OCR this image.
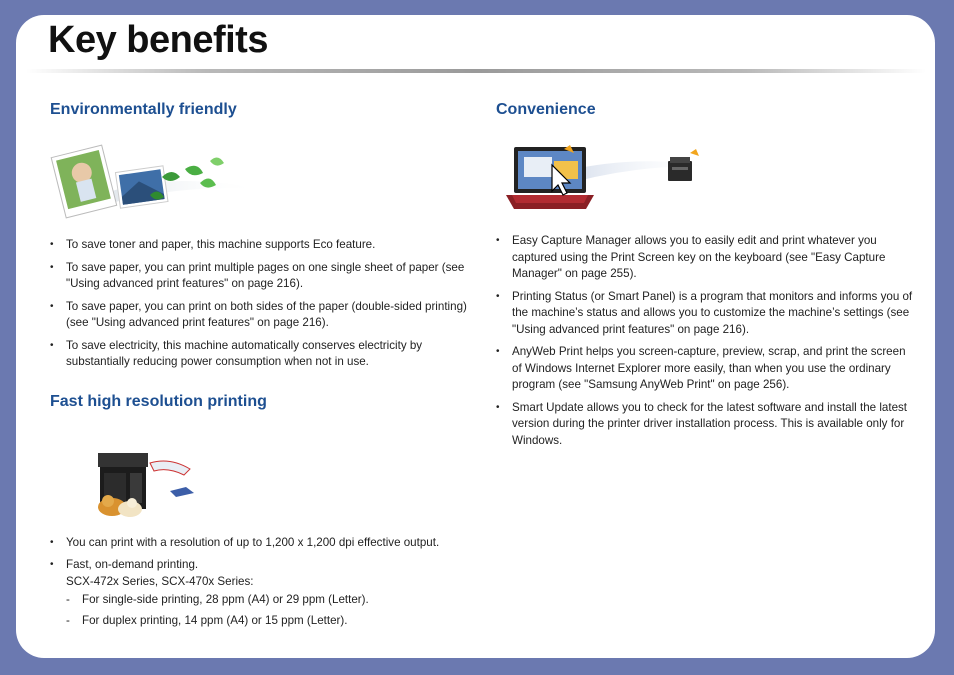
Key benefits
Environmentally friendly
• To save toner and paper, this machine supports Eco feature.
• To save paper, you can print multiple pages on one single sheet of paper (see "Using advanced print features" on page 216).
• To save paper, you can print on both sides of the paper (double-sided printing) (see "Using advanced print features" on page 216).
• To save electricity, this machine automatically conserves electricity by substantially reducing power consumption when not in use.
Fast high resolution printing
• You can print with a resolution of up to 1,200 x 1,200 dpi effective output.
• Fast, on-demand printing.
SCX-472x Series, SCX-470x Series:
- For single-side printing, 28 ppm (A4) or 29 ppm (Letter).
- For duplex printing, 14 ppm (A4) or 15 ppm (Letter).
Convenience
• Easy Capture Manager allows you to easily edit and print whatever you captured using the Print Screen key on the keyboard (see "Easy Capture Manager" on page 255).
• Printing Status (or Smart Panel) is a program that monitors and informs you of the machine’s status and allows you to customize the machine’s settings (see "Using advanced print features" on page 216).
• AnyWeb Print helps you screen-capture, preview, scrap, and print the screen of Windows Internet Explorer more easily, than when you use the ordinary program (see "Samsung AnyWeb Print" on page 256).
• Smart Update allows you to check for the latest software and install the latest version during the printer driver installation process. This is available only for Windows.
